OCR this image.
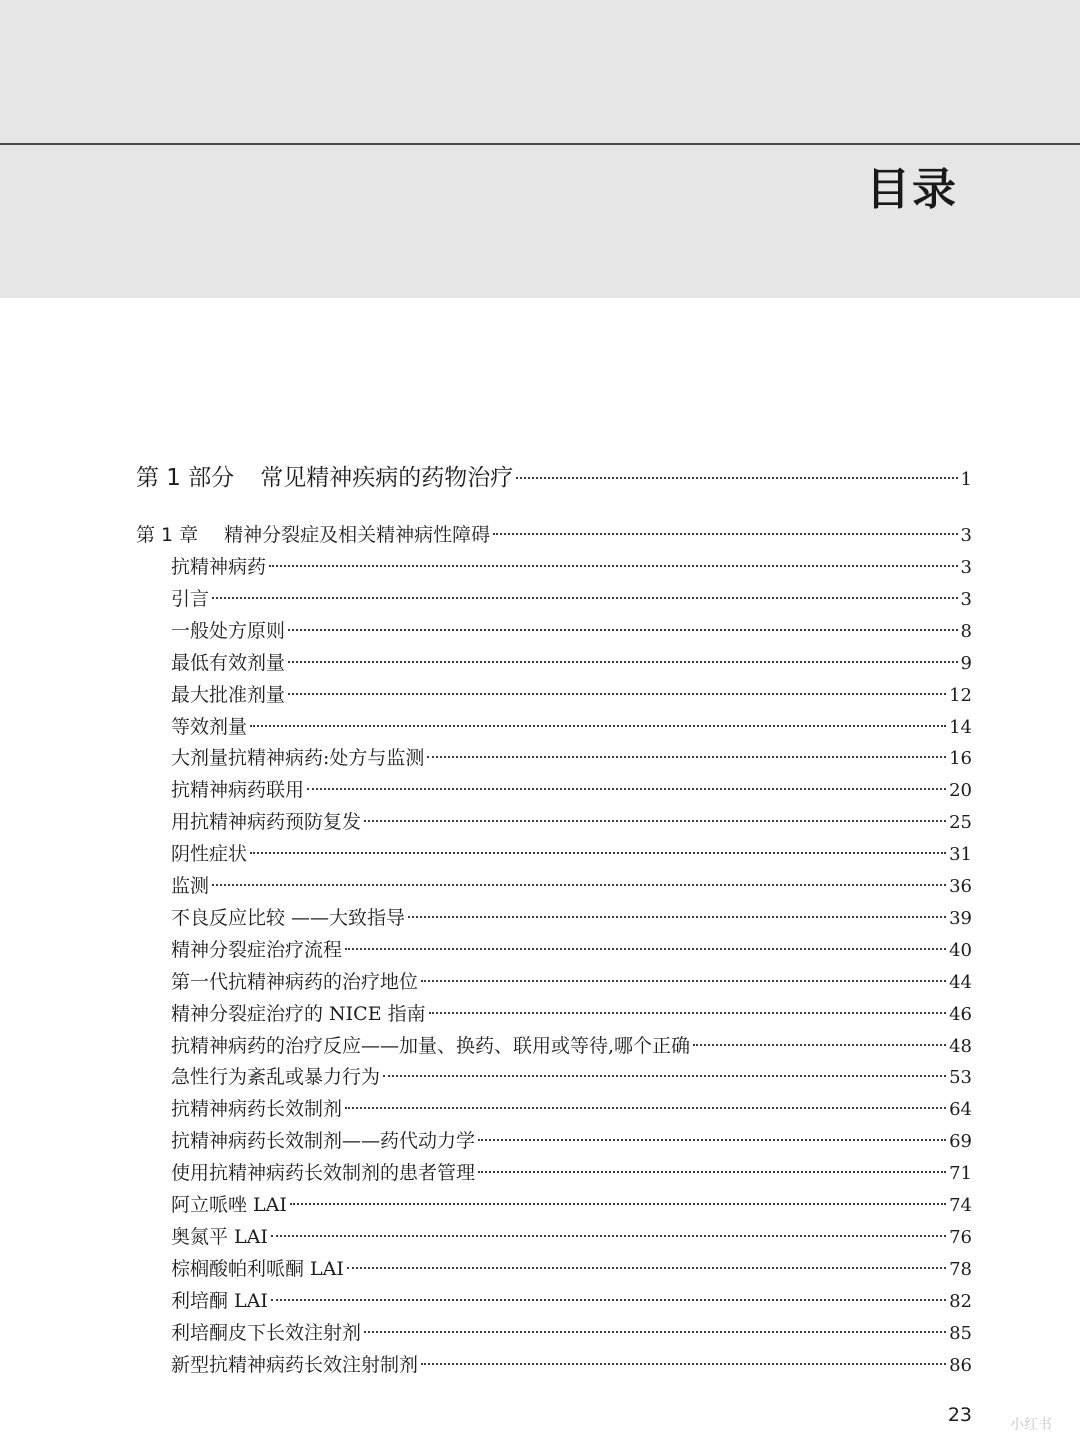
目录
第 1 部分 常见精神疾病的药物治疗	1
第 1 章 精神分裂症及相关精神病性障碍	3
抗精神病药	3
引言	3
一般处方原则	8
最低有效剂量	9
最大批准剂量	12
等效剂量	14
大剂量抗精神病药:处方与监测	16
抗精神病药联用	20
用抗精神病药预防复发	25
阴性症状	31
监测	36
不良反应比较 ——大致指导	39
精神分裂症治疗流程	40
第一代抗精神病药的治疗地位	44
精神分裂症治疗的 NICE 指南	46
抗精神病药的治疗反应——加量、换药、联用或等待,哪个正确	48
急性行为紊乱或暴力行为	53
抗精神病药长效制剂	64
抗精神病药长效制剂——药代动力学	69
使用抗精神病药长效制剂的患者管理	71
阿立哌唑 LAI	74
奥氮平 LAI	76
棕榈酸帕利哌酮 LAI	78
利培酮 LAI	82
利培酮皮下长效注射剂	85
新型抗精神病药长效注射制剂	86
23	小红书
